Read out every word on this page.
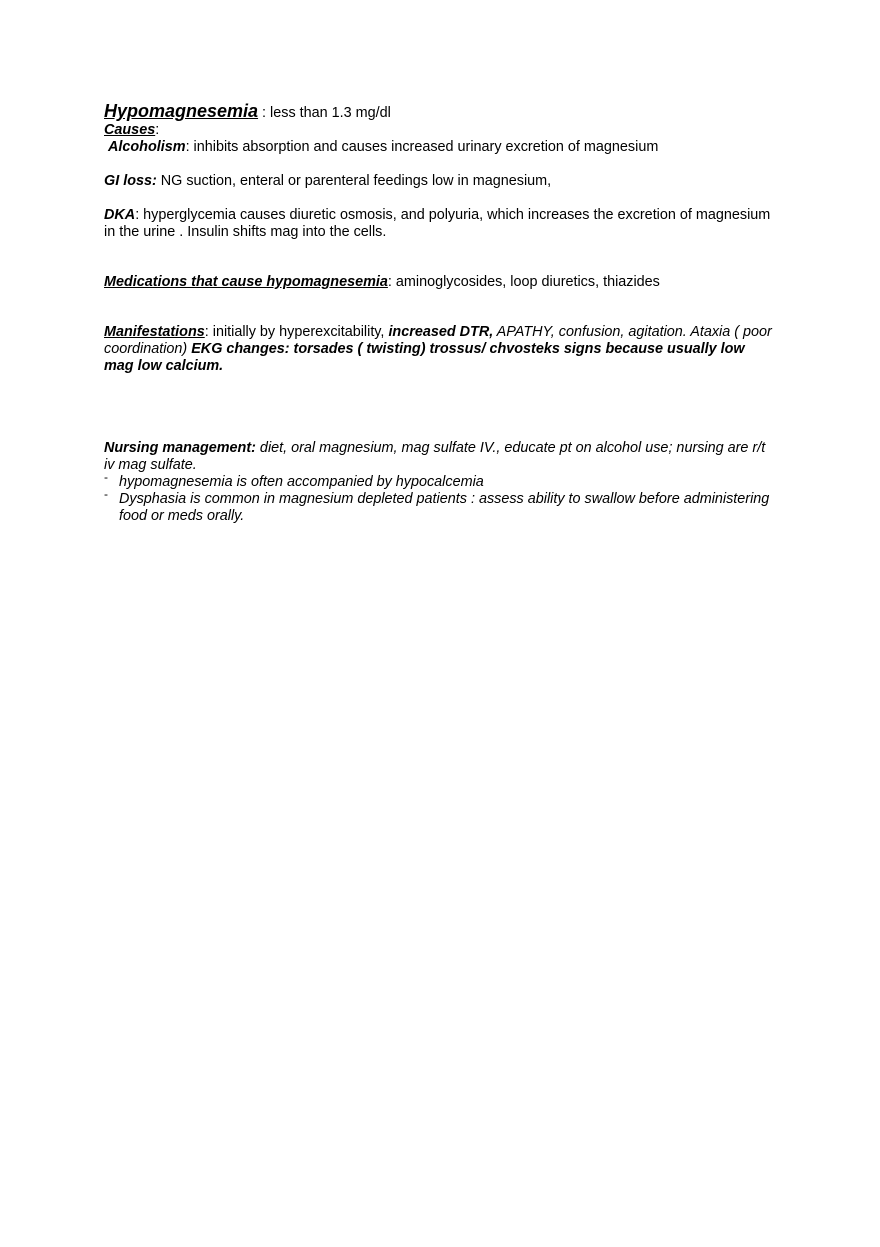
Hypomagnesemia : less than 1.3 mg/dl

Causes:

Alcoholism: inhibits absorption and causes increased urinary excretion of magnesium

GI loss: NG suction, enteral or parenteral feedings low in magnesium,

DKA: hyperglycemia causes diuretic osmosis, and polyuria, which increases the excretion of magnesium in the urine . Insulin shifts mag into the cells.

Medications that cause hypomagnesemia: aminoglycosides, loop diuretics, thiazides

Manifestations: initially by hyperexcitability, increased DTR, APATHY, confusion, agitation. Ataxia ( poor coordination) EKG changes: torsades ( twisting) trossus/ chvosteks signs because usually low mag low calcium.

Nursing management: diet, oral magnesium, mag sulfate IV., educate pt on alcohol use; nursing are r/t iv mag sulfate.

- hypomagnesemia is often accompanied by hypocalcemia
- Dysphasia is common in magnesium depleted patients : assess ability to swallow before administering food or meds orally.
